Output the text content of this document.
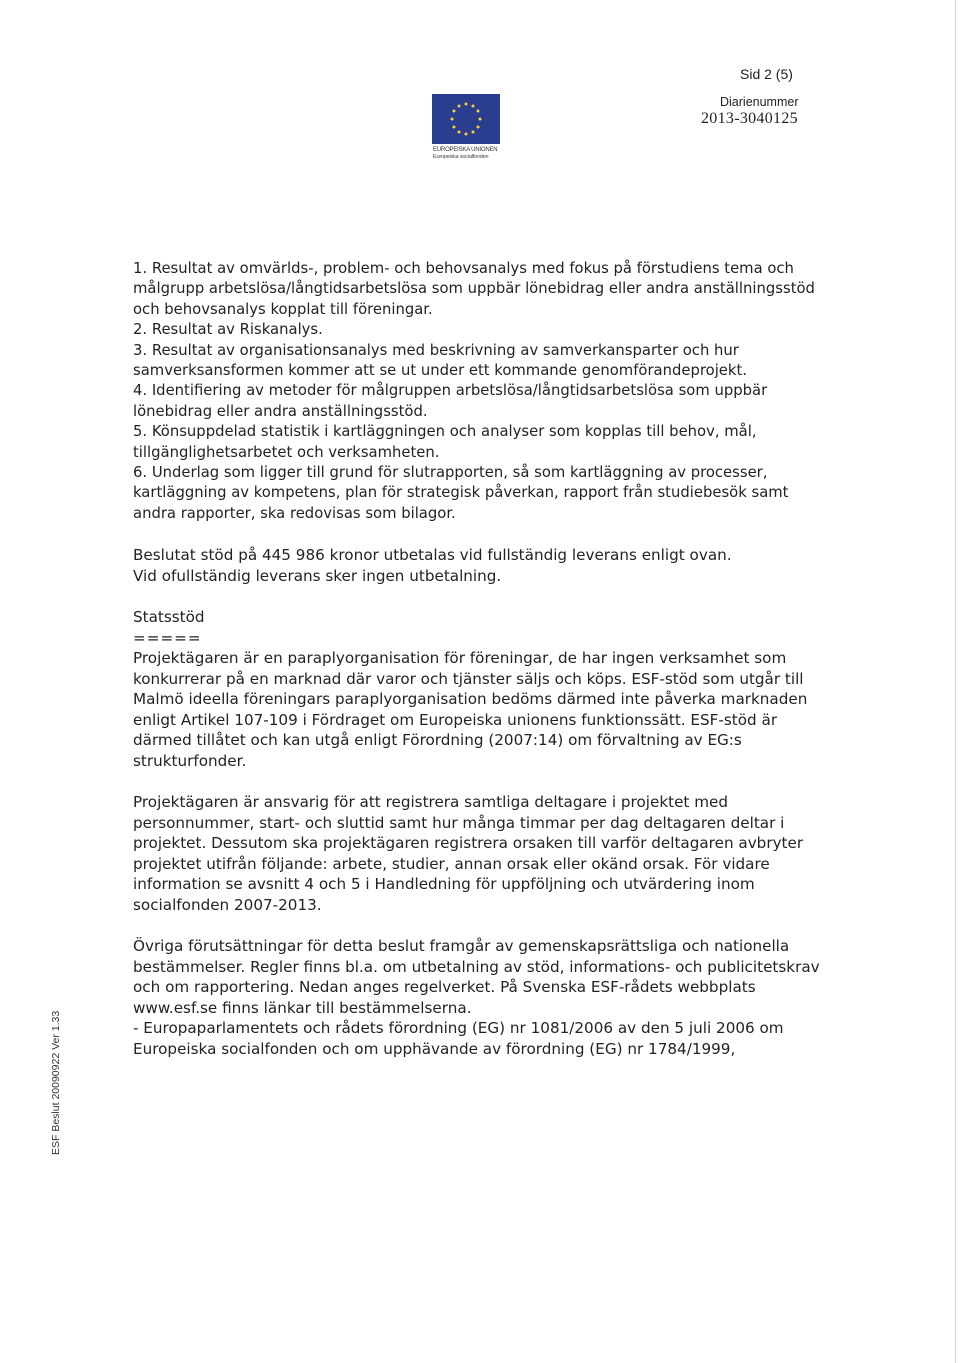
Sid 2 (5)
Diarienummer
2013-3040125
EUROPEISKA UNIONEN
Europeiska socialfonden
ESF Beslut 20090922 Ver 1.33

1. Resultat av omvärlds-, problem- och behovsanalys med fokus på förstudiens tema och målgrupp arbetslösa/långtidsarbetslösa som uppbär lönebidrag eller andra anställningsstöd och behovsanalys kopplat till föreningar.

2. Resultat av Riskanalys.

3. Resultat av organisationsanalys med beskrivning av samverkansparter och hur samverksansformen kommer att se ut under ett kommande genomförandeprojekt.

4. Identifiering av metoder för målgruppen arbetslösa/långtidsarbetslösa som uppbär lönebidrag eller andra anställningsstöd.

5. Könsuppdelad statistik i kartläggningen och analyser som kopplas till behov, mål, tillgänglighetsarbetet och verksamheten.

6. Underlag som ligger till grund för slutrapporten, så som kartläggning av processer, kartläggning av kompetens, plan för strategisk påverkan, rapport från studiebesök samt andra rapporter, ska redovisas som bilagor.

Beslutat stöd på 445 986 kronor utbetalas vid fullständig leverans enligt ovan.

Vid ofullständig leverans sker ingen utbetalning.

Statsstöd

=====

Projektägaren är en paraplyorganisation för föreningar, de har ingen verksamhet som konkurrerar på en marknad där varor och tjänster säljs och köps. ESF-stöd som utgår till Malmö ideella föreningars paraplyorganisation bedöms därmed inte påverka marknaden enligt Artikel 107-109 i Fördraget om Europeiska unionens funktionssätt. ESF-stöd är därmed tillåtet och kan utgå enligt Förordning (2007:14) om förvaltning av EG:s strukturfonder.

Projektägaren är ansvarig för att registrera samtliga deltagare i projektet med personnummer, start- och sluttid samt hur många timmar per dag deltagaren deltar i projektet. Dessutom ska projektägaren registrera orsaken till varför deltagaren avbryter projektet utifrån följande: arbete, studier, annan orsak eller okänd orsak. För vidare information se avsnitt 4 och 5 i Handledning för uppföljning och utvärdering inom socialfonden 2007-2013.

Övriga förutsättningar för detta beslut framgår av gemenskapsrättsliga och nationella bestämmelser. Regler finns bl.a. om utbetalning av stöd, informations- och publicitetskrav och om rapportering. Nedan anges regelverket. På Svenska ESF-rådets webbplats www.esf.se finns länkar till bestämmelserna.

- Europaparlamentets och rådets förordning (EG) nr 1081/2006 av den 5 juli 2006 om Europeiska socialfonden och om upphävande av förordning (EG) nr 1784/1999,
